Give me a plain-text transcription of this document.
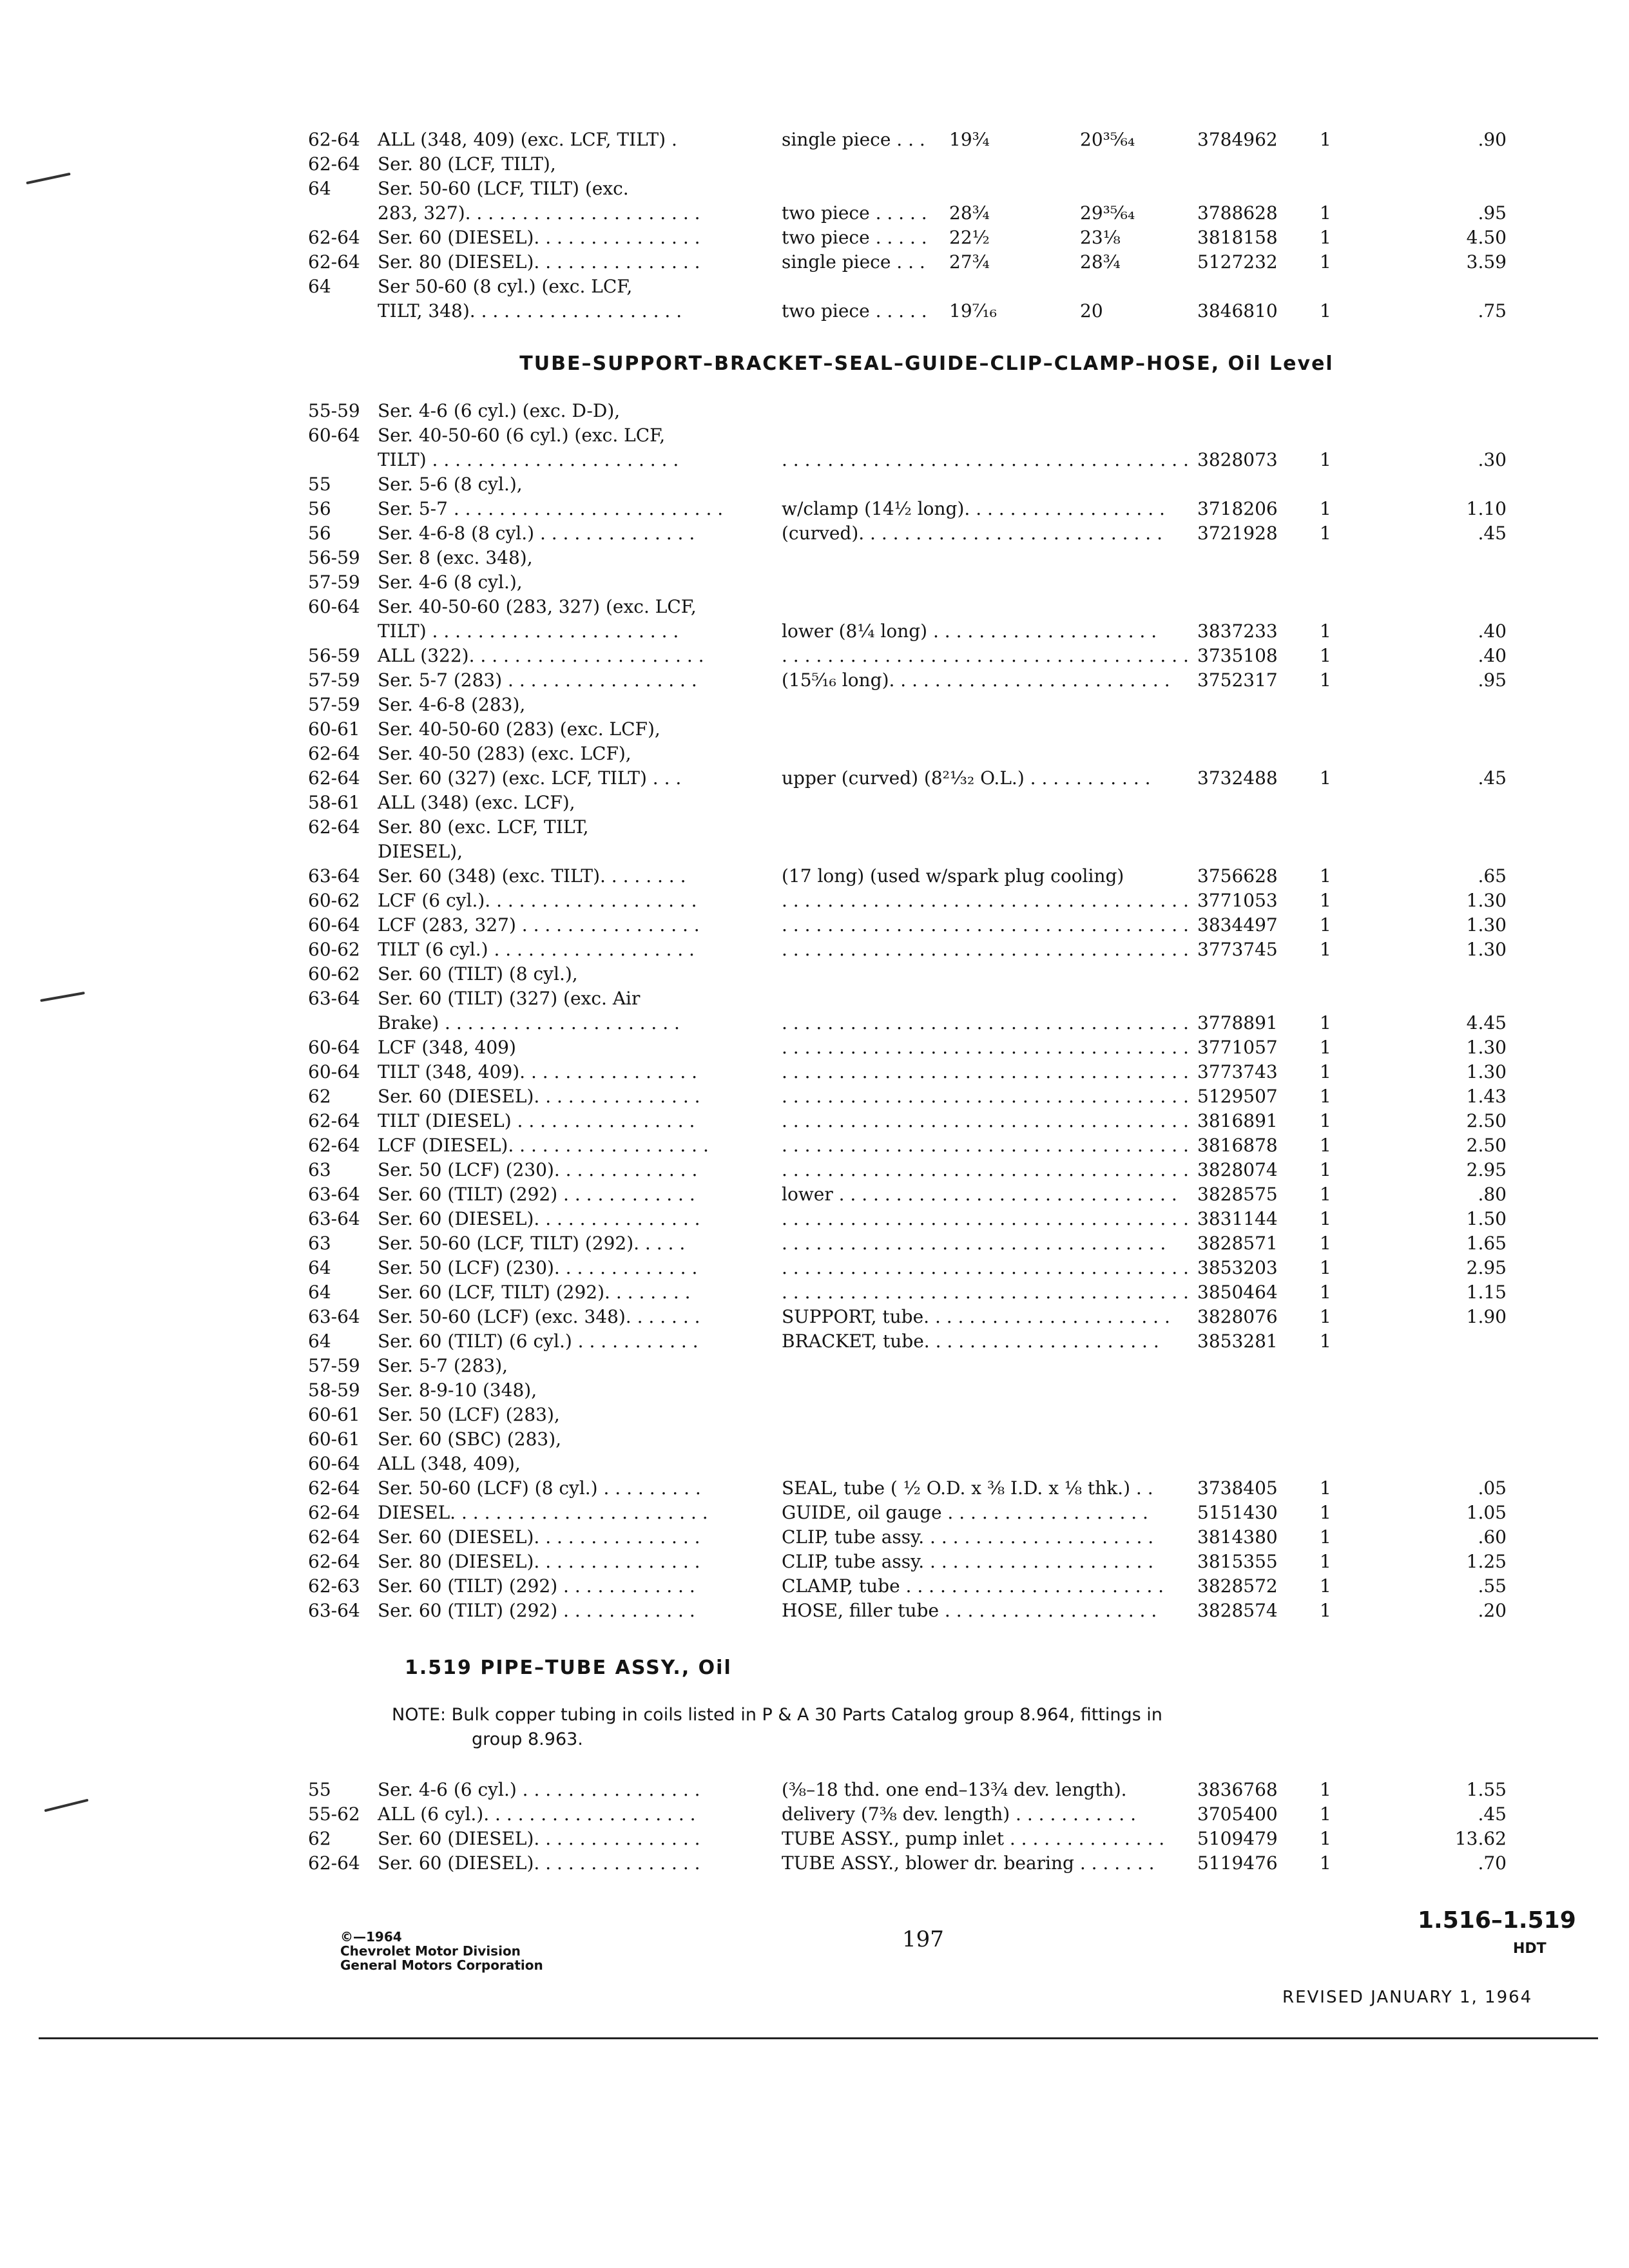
62-64 ALL (348, 409) (exc. LCF, TILT) .	single piece . . . 19¾	20³⁵⁄₆₄	3784962 1	.90
62-64 Ser. 80 (LCF, TILT),
64	Ser. 50-60 (LCF, TILT) (exc.
283, 327). . . . . . . . . . . . . . . . . . . . .	two piece . . . . . 28¾	29³⁵⁄₆₄	3788628 1	.95
62-64 Ser. 60 (DIESEL). . . . . . . . . . . . . . .	two piece . . . . . 22½	23⅛	3818158 1	4.50
62-64 Ser. 80 (DIESEL). . . . . . . . . . . . . . .	single piece . . . 27¾	28¾	5127232 1	3.59
64	Ser 50-60 (8 cyl.) (exc. LCF,
TILT, 348). . . . . . . . . . . . . . . . . . .	two piece . . . . . 19⁷⁄₁₆	20	3846810 1	.75
TUBE–SUPPORT–BRACKET–SEAL–GUIDE–CLIP–CLAMP–HOSE, Oil Level
55-59 Ser. 4-6 (6 cyl.) (exc. D-D),
60-64 Ser. 40-50-60 (6 cyl.) (exc. LCF,
TILT) . . . . . . . . . . . . . . . . . . . . . .	. . . . . . . . . . . . . . . . . . . . . . . . . . . . . . . . . . . . 3828073 1	.30
55	Ser. 5-6 (8 cyl.),
56	Ser. 5-7 . . . . . . . . . . . . . . . . . . . . . . . .	w/clamp (14½ long). . . . . . . . . . . . . . . . . . 3718206 1	1.10
56	Ser. 4-6-8 (8 cyl.) . . . . . . . . . . . . . .	(curved). . . . . . . . . . . . . . . . . . . . . . . . . . . 3721928 1	.45
56-59 Ser. 8 (exc. 348),
57-59 Ser. 4-6 (8 cyl.),
60-64 Ser. 40-50-60 (283, 327) (exc. LCF,
TILT) . . . . . . . . . . . . . . . . . . . . . .	lower (8¼ long) . . . . . . . . . . . . . . . . . . . . 3837233 1	.40
56-59 ALL (322). . . . . . . . . . . . . . . . . . . . .	. . . . . . . . . . . . . . . . . . . . . . . . . . . . . . . . . . . . 3735108 1	.40
57-59 Ser. 5-7 (283) . . . . . . . . . . . . . . . . .	(15⁵⁄₁₆ long). . . . . . . . . . . . . . . . . . . . . . . . . 3752317 1	.95
57-59 Ser. 4-6-8 (283),
60-61 Ser. 40-50-60 (283) (exc. LCF),
62-64 Ser. 40-50 (283) (exc. LCF),
62-64 Ser. 60 (327) (exc. LCF, TILT) . . .	upper (curved) (8²¹⁄₃₂ O.L.) . . . . . . . . . . .	3732488 1	.45
58-61 ALL (348) (exc. LCF),
62-64 Ser. 80 (exc. LCF, TILT,
DIESEL),
63-64 Ser. 60 (348) (exc. TILT). . . . . . . .	(17 long) (used w/spark plug cooling)	3756628 1	.65
60-62 LCF (6 cyl.). . . . . . . . . . . . . . . . . . .	. . . . . . . . . . . . . . . . . . . . . . . . . . . . . . . . . . . . 3771053 1	1.30
60-64 LCF (283, 327) . . . . . . . . . . . . . . . .	. . . . . . . . . . . . . . . . . . . . . . . . . . . . . . . . . . . . 3834497 1	1.30
60-62 TILT (6 cyl.) . . . . . . . . . . . . . . . . . .	. . . . . . . . . . . . . . . . . . . . . . . . . . . . . . . . . . . . 3773745 1	1.30
60-62 Ser. 60 (TILT) (8 cyl.),
63-64 Ser. 60 (TILT) (327) (exc. Air
Brake) . . . . . . . . . . . . . . . . . . . . .	. . . . . . . . . . . . . . . . . . . . . . . . . . . . . . . . . . . . 3778891 1	4.45
60-64 LCF (348, 409)	. . . . . . . . . . . . . . . . . . . . . . . . . . . . . . . . . . . . 3771057 1	1.30
60-64 TILT (348, 409). . . . . . . . . . . . . . . .	. . . . . . . . . . . . . . . . . . . . . . . . . . . . . . . . . . . . 3773743 1	1.30
62	Ser. 60 (DIESEL). . . . . . . . . . . . . . .	. . . . . . . . . . . . . . . . . . . . . . . . . . . . . . . . . . . . 5129507 1	1.43
62-64 TILT (DIESEL) . . . . . . . . . . . . . . . .	. . . . . . . . . . . . . . . . . . . . . . . . . . . . . . . . . . . . 3816891 1	2.50
62-64 LCF (DIESEL). . . . . . . . . . . . . . . . . .	. . . . . . . . . . . . . . . . . . . . . . . . . . . . . . . . . . . . 3816878 1	2.50
63	Ser. 50 (LCF) (230). . . . . . . . . . . . .	. . . . . . . . . . . . . . . . . . . . . . . . . . . . . . . . . . . . 3828074 1	2.95
63-64 Ser. 60 (TILT) (292) . . . . . . . . . . . .	lower . . . . . . . . . . . . . . . . . . . . . . . . . . . . . . 3828575 1	.80
63-64 Ser. 60 (DIESEL). . . . . . . . . . . . . . .	. . . . . . . . . . . . . . . . . . . . . . . . . . . . . . . . . . . . 3831144 1	1.50
63	Ser. 50-60 (LCF, TILT) (292). . . . .	. . . . . . . . . . . . . . . . . . . . . . . . . . . . . . . . . . 3828571 1	1.65
64	Ser. 50 (LCF) (230). . . . . . . . . . . . .	. . . . . . . . . . . . . . . . . . . . . . . . . . . . . . . . . . . . 3853203 1	2.95
64	Ser. 60 (LCF, TILT) (292). . . . . . . .	. . . . . . . . . . . . . . . . . . . . . . . . . . . . . . . . . . . . 3850464 1	1.15
63-64 Ser. 50-60 (LCF) (exc. 348). . . . . . .	SUPPORT, tube. . . . . . . . . . . . . . . . . . . . . . 3828076 1	1.90
64	Ser. 60 (TILT) (6 cyl.) . . . . . . . . . . .	BRACKET, tube. . . . . . . . . . . . . . . . . . . . . 3853281 1
57-59 Ser. 5-7 (283),
58-59 Ser. 8-9-10 (348),
60-61 Ser. 50 (LCF) (283),
60-61 Ser. 60 (SBC) (283),
60-64 ALL (348, 409),
62-64 Ser. 50-60 (LCF) (8 cyl.) . . . . . . . . .	SEAL, tube ( ½ O.D. x ⅜ I.D. x ⅛ thk.) . . 3738405 1	.05
62-64 DIESEL. . . . . . . . . . . . . . . . . . . . . . .	GUIDE, oil gauge . . . . . . . . . . . . . . . . . .	5151430 1	1.05
62-64 Ser. 60 (DIESEL). . . . . . . . . . . . . . .	CLIP, tube assy. . . . . . . . . . . . . . . . . . . . . 3814380 1	.60
62-64 Ser. 80 (DIESEL). . . . . . . . . . . . . . .	CLIP, tube assy. . . . . . . . . . . . . . . . . . . . . 3815355 1	1.25
62-63 Ser. 60 (TILT) (292) . . . . . . . . . . . .	CLAMP, tube . . . . . . . . . . . . . . . . . . . . . . . 3828572 1	.55
63-64 Ser. 60 (TILT) (292) . . . . . . . . . . . .	HOSE, filler tube . . . . . . . . . . . . . . . . . . . 3828574 1	.20
1.519 PIPE–TUBE ASSY., Oil
NOTE: Bulk copper tubing in coils listed in P & A 30 Parts Catalog group 8.964, fittings in
group 8.963.
55	Ser. 4-6 (6 cyl.) . . . . . . . . . . . . . . . .	(⅜–18 thd. one end–13¾ dev. length).	3836768 1	1.55
55-62 ALL (6 cyl.). . . . . . . . . . . . . . . . . . .	delivery (7⅜ dev. length) . . . . . . . . . . .	3705400 1	.45
62	Ser. 60 (DIESEL). . . . . . . . . . . . . . .	TUBE ASSY., pump inlet . . . . . . . . . . . . . . 5109479 1	13.62
62-64 Ser. 60 (DIESEL). . . . . . . . . . . . . . .	TUBE ASSY., blower dr. bearing . . . . . . . 5119476 1	.70
©—1964
Chevrolet Motor Division
General Motors Corporation
197
1.516–1.519
HDT
REVISED JANUARY 1, 1964
